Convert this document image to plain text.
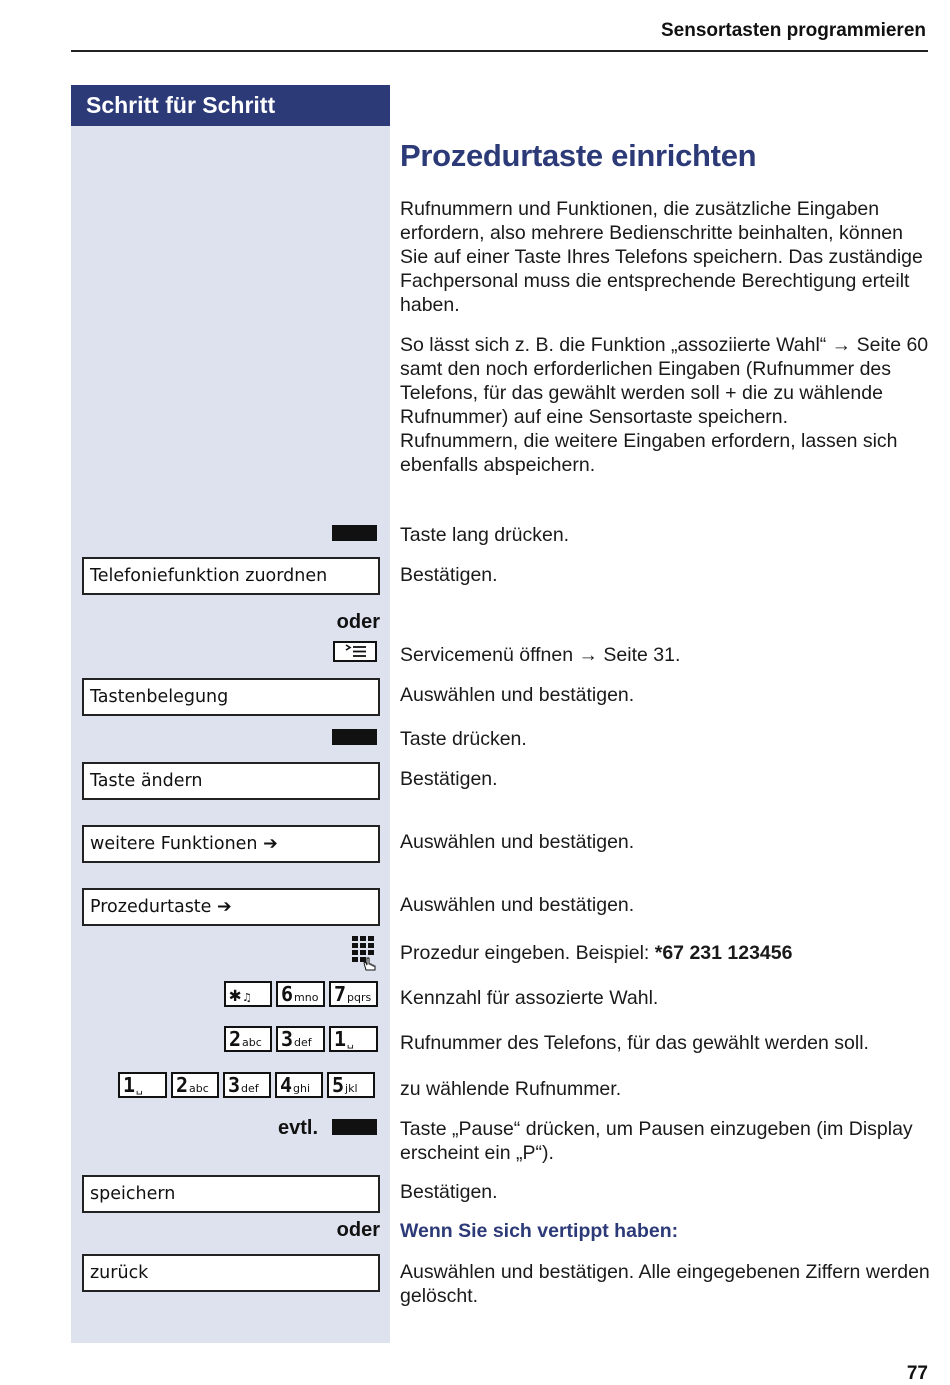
Sensortasten programmieren
Schritt für Schritt
Prozedurtaste einrichten

Rufnummern und Funktionen, die zusätzliche Eingaben erfordern, also mehrere Bedienschritte beinhalten, können Sie auf einer Taste Ihres Telefons speichern. Das zuständige Fachpersonal muss die entsprechende Berechtigung erteilt haben.

So lässt sich z. B. die Funktion „assoziierte Wahl“ → Seite 60 samt den noch erforderlichen Eingaben (Rufnummer des Telefons, für das gewählt werden soll + die zu wählende Rufnummer) auf eine Sensortaste speichern.

Rufnummern, die weitere Eingaben erfordern, lassen sich ebenfalls abspeichern.

Taste lang drücken.
Telefoniefunktion zuordnen	Bestätigen.
oder
Servicemenü öffnen → Seite 31.
Tastenbelegung	Auswählen und bestätigen.
Taste drücken.
Taste ändern	Bestätigen.
weitere Funktionen ➔	Auswählen und bestätigen.
Prozedurtaste ➔	Auswählen und bestätigen.
Prozedur eingeben. Beispiel: *67 231 123456
✱ ♫ 6 mno 7 pqrs Kennzahl für assozierte Wahl.
2 abc 3 def 1 ␣ Rufnummer des Telefons, für das gewählt werden soll.
1 ␣ 2 abc 3 def 4 ghi 5 jkl zu wählende Rufnummer.
evtl.	Taste „Pause“ drücken, um Pausen einzugeben (im Display erscheint ein „P“).
speichern	Bestätigen.
oder Wenn Sie sich vertippt haben:
zurück	Auswählen und bestätigen. Alle eingegebenen Ziffern werden gelöscht.
77
